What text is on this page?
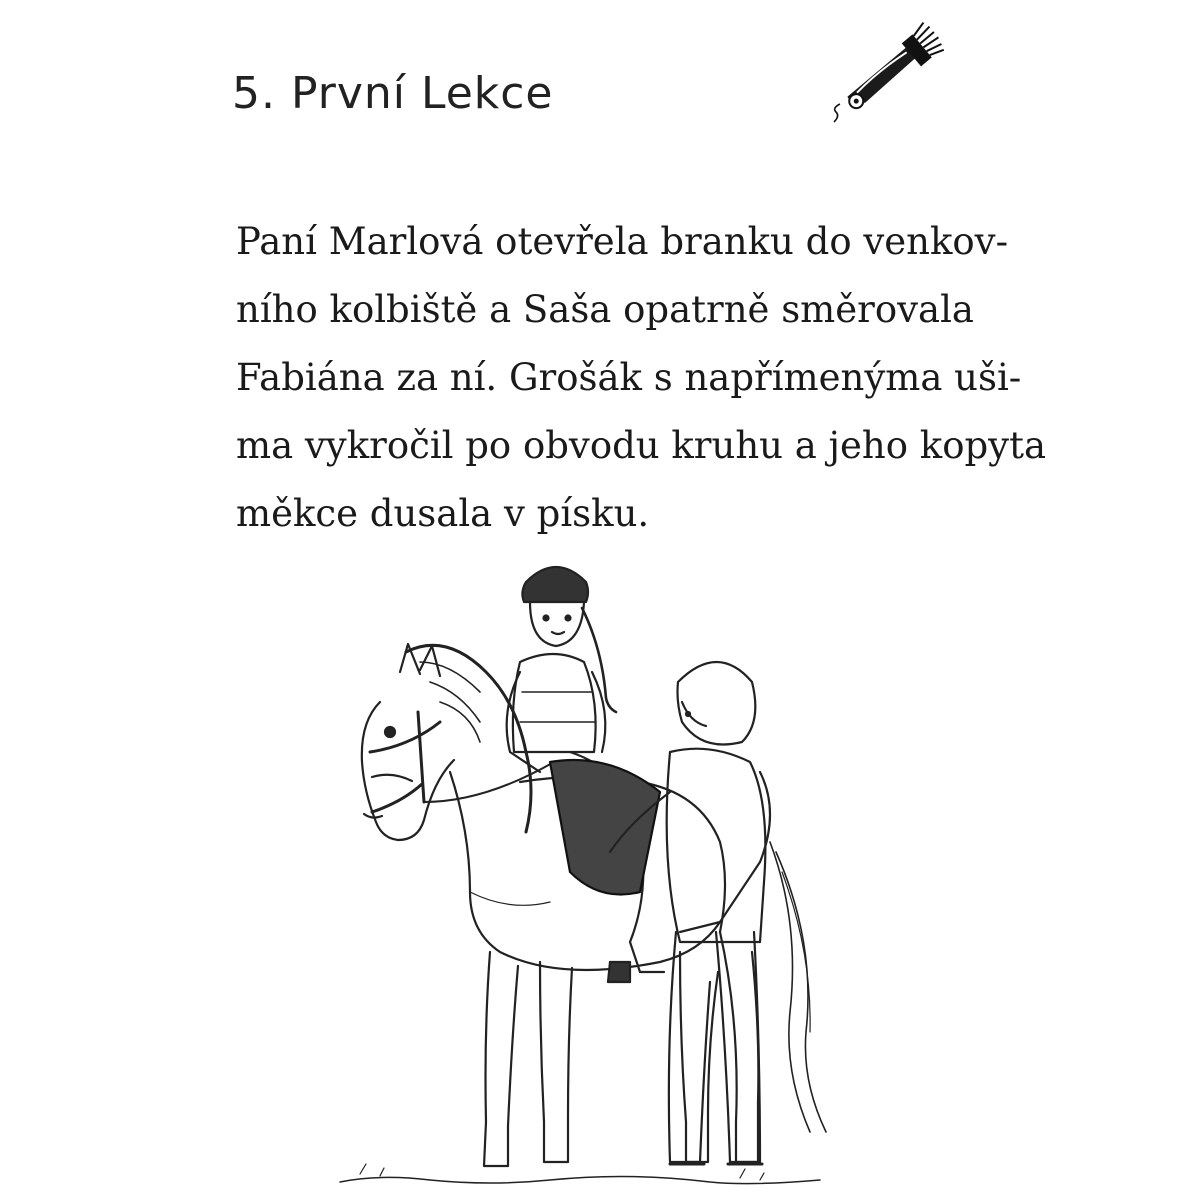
5. První Lekce
Paní Marlová otevřela branku do venkov-
ního kolbiště a Saša opatrně směrovala
Fabiána za ní. Grošák s napřímenýma uši-
ma vykročil po obvodu kruhu a jeho kopyta
měkce dusala v písku.
